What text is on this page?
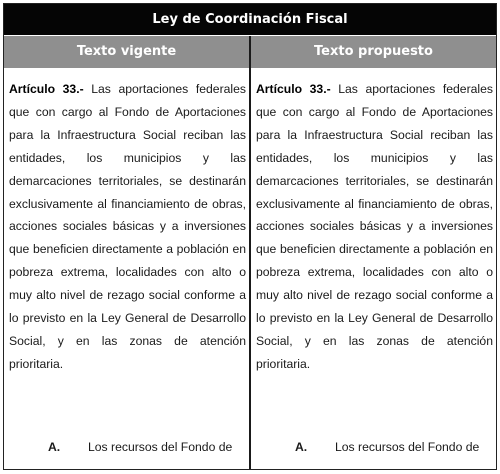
Ley de Coordinación Fiscal
Texto vigente	Texto propuesto
Artículo 33.- Las aportaciones federales que con cargo al Fondo de Aportaciones para la Infraestructura Social reciban las entidades, los municipios y las demarcaciones territoriales, se destinarán exclusivamente al financiamiento de obras, acciones sociales básicas y a inversiones que beneficien directamente a población en pobreza extrema, localidades con alto o muy alto nivel de rezago social conforme a lo previsto en la Ley General de Desarrollo Social, y en las zonas de atención prioritaria.
A. Los recursos del Fondo de
Artículo 33.- Las aportaciones federales que con cargo al Fondo de Aportaciones para la Infraestructura Social reciban las entidades, los municipios y las demarcaciones territoriales, se destinarán exclusivamente al financiamiento de obras, acciones sociales básicas y a inversiones que beneficien directamente a población en pobreza extrema, localidades con alto o muy alto nivel de rezago social conforme a lo previsto en la Ley General de Desarrollo Social, y en las zonas de atención prioritaria.
A. Los recursos del Fondo de
